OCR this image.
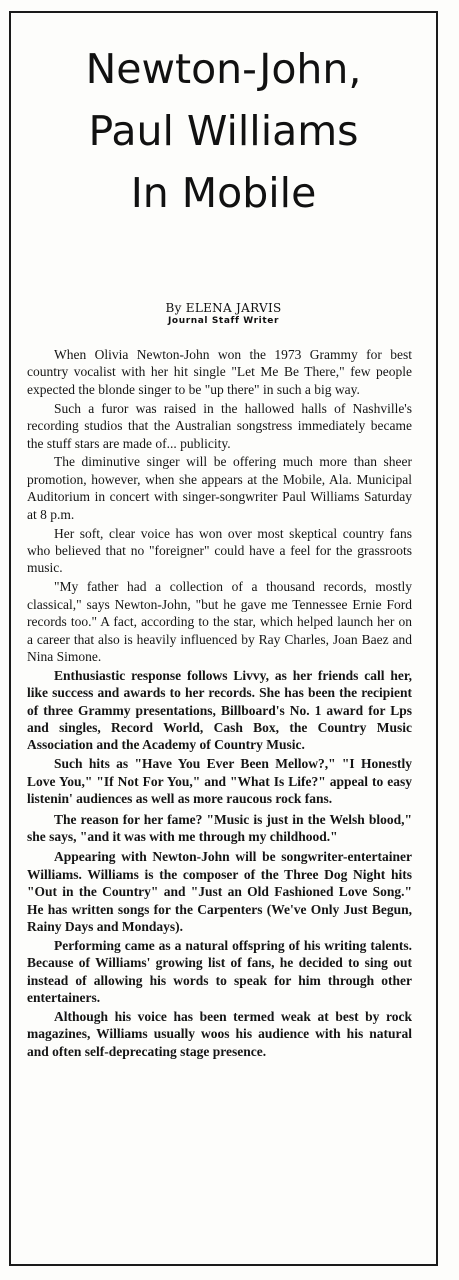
Newton-John,
Paul Williams
In Mobile
By ELENA JARVIS
Journal Staff Writer

When Olivia Newton-John won the 1973 Grammy for best country vocalist with her hit single "Let Me Be There," few people expected the blonde singer to be "up there" in such a big way.

Such a furor was raised in the hallowed halls of Nashville's recording studios that the Australian songstress immediately became the stuff stars are made of... publicity.

The diminutive singer will be offering much more than sheer promotion, however, when she appears at the Mobile, Ala. Municipal Auditorium in concert with singer-songwriter Paul Williams Saturday at 8 p.m.

Her soft, clear voice has won over most skeptical country fans who believed that no "foreigner" could have a feel for the grassroots music.

"My father had a collection of a thousand records, mostly classical," says Newton-John, "but he gave me Tennessee Ernie Ford records too." A fact, according to the star, which helped launch her on a career that also is heavily influenced by Ray Charles, Joan Baez and Nina Simone.

Enthusiastic response follows Livvy, as her friends call her, like success and awards to her records. She has been the recipient of three Grammy presentations, Billboard's No. 1 award for Lps and singles, Record World, Cash Box, the Country Music Association and the Academy of Country Music.

Such hits as "Have You Ever Been Mellow?," "I Honestly Love You," "If Not For You," and "What Is Life?" appeal to easy listenin' audiences as well as more raucous rock fans.

The reason for her fame? "Music is just in the Welsh blood," she says, "and it was with me through my childhood."

Appearing with Newton-John will be songwriter-entertainer Williams. Williams is the composer of the Three Dog Night hits "Out in the Country" and "Just an Old Fashioned Love Song." He has written songs for the Carpenters (We've Only Just Begun, Rainy Days and Mondays).

Performing came as a natural offspring of his writing talents. Because of Williams' growing list of fans, he decided to sing out instead of allowing his words to speak for him through other entertainers.

Although his voice has been termed weak at best by rock magazines, Williams usually woos his audience with his natural and often self-deprecating stage presence.
